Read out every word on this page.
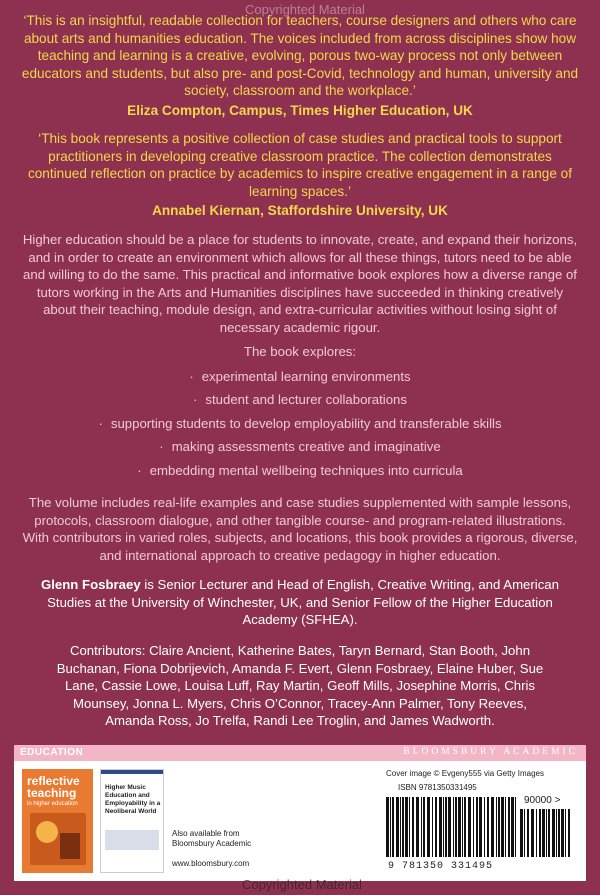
Copyrighted Material

‘This is an insightful, readable collection for teachers, course designers and others who care about arts and humanities education. The voices included from across disciplines show how teaching and learning is a creative, evolving, porous two-way process not only between educators and students, but also pre- and post-Covid, technology and human, university and society, classroom and the workplace.’

Eliza Compton, Campus, Times Higher Education, UK

‘This book represents a positive collection of case studies and practical tools to support practitioners in developing creative classroom practice. The collection demonstrates continued reflection on practice by academics to inspire creative engagement in a range of learning spaces.’

Annabel Kiernan, Staffordshire University, UK

Higher education should be a place for students to innovate, create, and expand their horizons, and in order to create an environment which allows for all these things, tutors need to be able and willing to do the same. This practical and informative book explores how a diverse range of tutors working in the Arts and Humanities disciplines have succeeded in thinking creatively about their teaching, module design, and extra-curricular activities without losing sight of necessary academic rigour.

The book explores:
· experimental learning environments
· student and lecturer collaborations
· supporting students to develop employability and transferable skills
· making assessments creative and imaginative
· embedding mental wellbeing techniques into curricula

The volume includes real-life examples and case studies supplemented with sample lessons, protocols, classroom dialogue, and other tangible course- and program-related illustrations. With contributors in varied roles, subjects, and locations, this book provides a rigorous, diverse, and international approach to creative pedagogy in higher education.

Glenn Fosbraey is Senior Lecturer and Head of English, Creative Writing, and American Studies at the University of Winchester, UK, and Senior Fellow of the Higher Education Academy (SFHEA).

Contributors: Claire Ancient, Katherine Bates, Taryn Bernard, Stan Booth, John Buchanan, Fiona Dobrijevich, Amanda F. Evert, Glenn Fosbraey, Elaine Huber, Sue Lane, Cassie Lowe, Louisa Luff, Ray Martin, Geoff Mills, Josephine Morris, Chris Mounsey, Jonna L. Myers, Chris O’Connor, Tracey-Ann Palmer, Tony Reeves, Amanda Ross, Jo Trelfa, Randi Lee Troglin, and James Wadworth.

EDUCATION	BLOOMSBURY ACADEMIC
reflective teaching
in higher education
Higher Music Education and Employability in a Neoliberal World
Also available from
Bloomsbury Academic
www.bloomsbury.com
Cover image © Evgeny555 via Getty Images
ISBN 9781350331495
90000 >
9 781350 331495
Copyrighted Material
